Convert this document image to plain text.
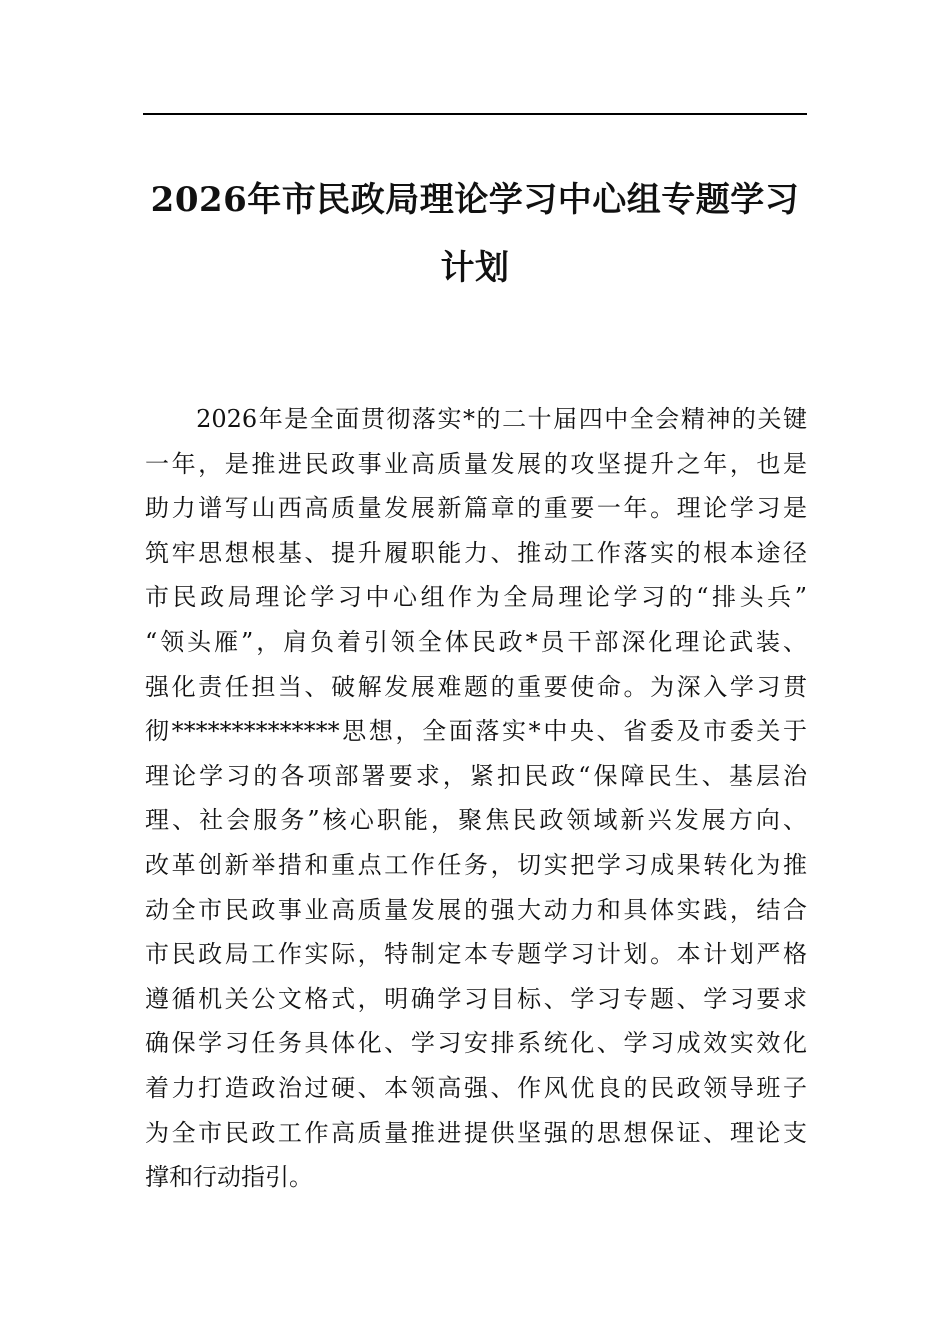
2026年市民政局理论学习中心组专题学习
计划
　　2026年是全面贯彻落实*的二十届四中全会精神的关键
一年，是推进民政事业高质量发展的攻坚提升之年，也是
助力谱写山西高质量发展新篇章的重要一年。理论学习是
筑牢思想根基、提升履职能力、推动工作落实的根本途径
市民政局理论学习中心组作为全局理论学习的“排头兵”
“领头雁”，肩负着引领全体民政*员干部深化理论武装、
强化责任担当、破解发展难题的重要使命。为深入学习贯
彻**************思想，全面落实*中央、省委及市委关于
理论学习的各项部署要求，紧扣民政“保障民生、基层治
理、社会服务”核心职能，聚焦民政领域新兴发展方向、
改革创新举措和重点工作任务，切实把学习成果转化为推
动全市民政事业高质量发展的强大动力和具体实践，结合
市民政局工作实际，特制定本专题学习计划。本计划严格
遵循机关公文格式，明确学习目标、学习专题、学习要求
确保学习任务具体化、学习安排系统化、学习成效实效化
着力打造政治过硬、本领高强、作风优良的民政领导班子
为全市民政工作高质量推进提供坚强的思想保证、理论支
撑和行动指引。
